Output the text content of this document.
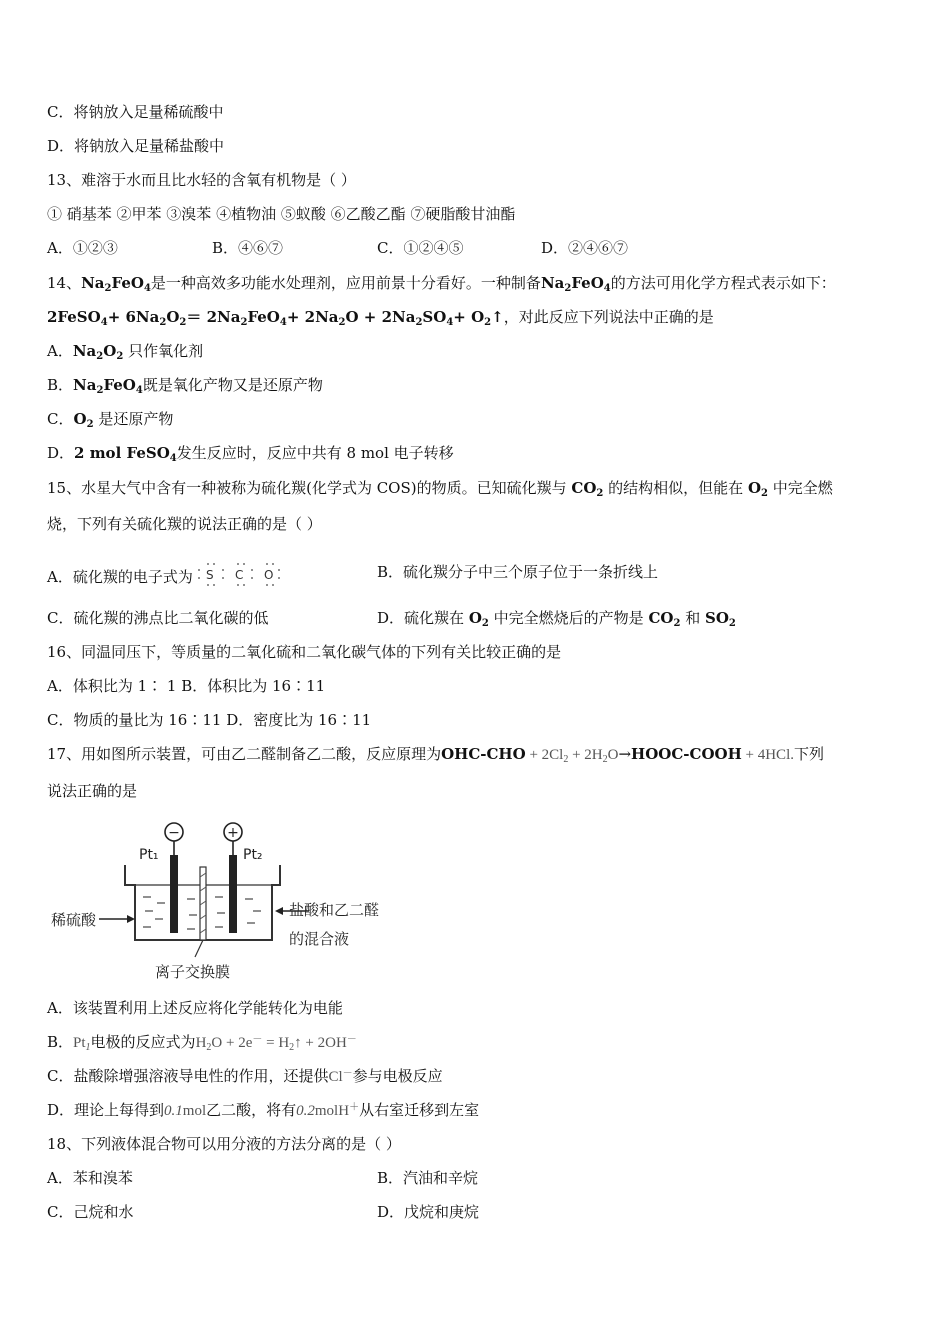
C．将钠放入足量稀硫酸中
D．将钠放入足量稀盐酸中
13、难溶于水而且比水轻的含氧有机物是（ ）
① 硝基苯 ②甲苯 ③溴苯 ④植物油 ⑤蚁酸 ⑥乙酸乙酯 ⑦硬脂酸甘油酯
A．①②③	B．④⑥⑦	C．①②④⑤	D．②④⑥⑦
14、$Na_2FeO_4$是一种高效多功能水处理剂，应用前景十分看好。一种制备$Na_2FeO_4$的方法可用化学方程式表示如下：
2FeSO$_4$+ $6Na_2O_2= 2Na_2FeO_4+ 2Na_2O + 2Na_2SO_4+$ $O_2↑$，对此反应下列说法中正确的是
A．$Na_2O_2$ 只作氧化剂
B．$Na_2FeO_4$既是氧化产物又是还原产物
C．$O_2$ 是还原产物
D．2 mol FeSO$_4$发生反应时，反应中共有 8 mol 电子转移
15、水星大气中含有一种被称为硫化羰(化学式为 COS)的物质。已知硫化羰与 $CO_2$ 的结构相似，但能在 $O_2$ 中完全燃
烧，下列有关硫化羰的说法正确的是（ ）
A．硫化羰的电子式为 S C O	B．硫化羰分子中三个原子位于一条折线上
C．硫化羰的沸点比二氧化碳的低	D．硫化羰在 $O_2$ 中完全燃烧后的产物是 $CO_2$ 和 $SO_2$
16、同温同压下，等质量的二氧化硫和二氧化碳气体的下列有关比较正确的是
A．体积比为 1∶ 1 B．体积比为 16∶11
C．物质的量比为 16∶11 D．密度比为 16∶11
17、用如图所示装置，可由乙二醛制备乙二酸，反应原理为$OHC-CHO + 2Cl_2$ + $2H_2O\to HOOC$-COOH + 4HCl.下列
说法正确的是
−	+
Pt₁	Pt₂
稀硫酸
盐酸和乙二醛
的混合液
离子交换膜
A．该装置利用上述反应将化学能转化为电能
B．$Pt_1$电极的反应式为$H_2O + 2e^-$ = $H_2↑ + 2OH^-$
C．盐酸除增强溶液导电性的作用，还提供Cl－参与电极反应
D．理论上每得到0.1mol乙二酸，将有0.2molH＋从右室迁移到左室
18、下列液体混合物可以用分液的方法分离的是（ ）
A．苯和溴苯	B．汽油和辛烷
C．己烷和水	D．戊烷和庚烷
